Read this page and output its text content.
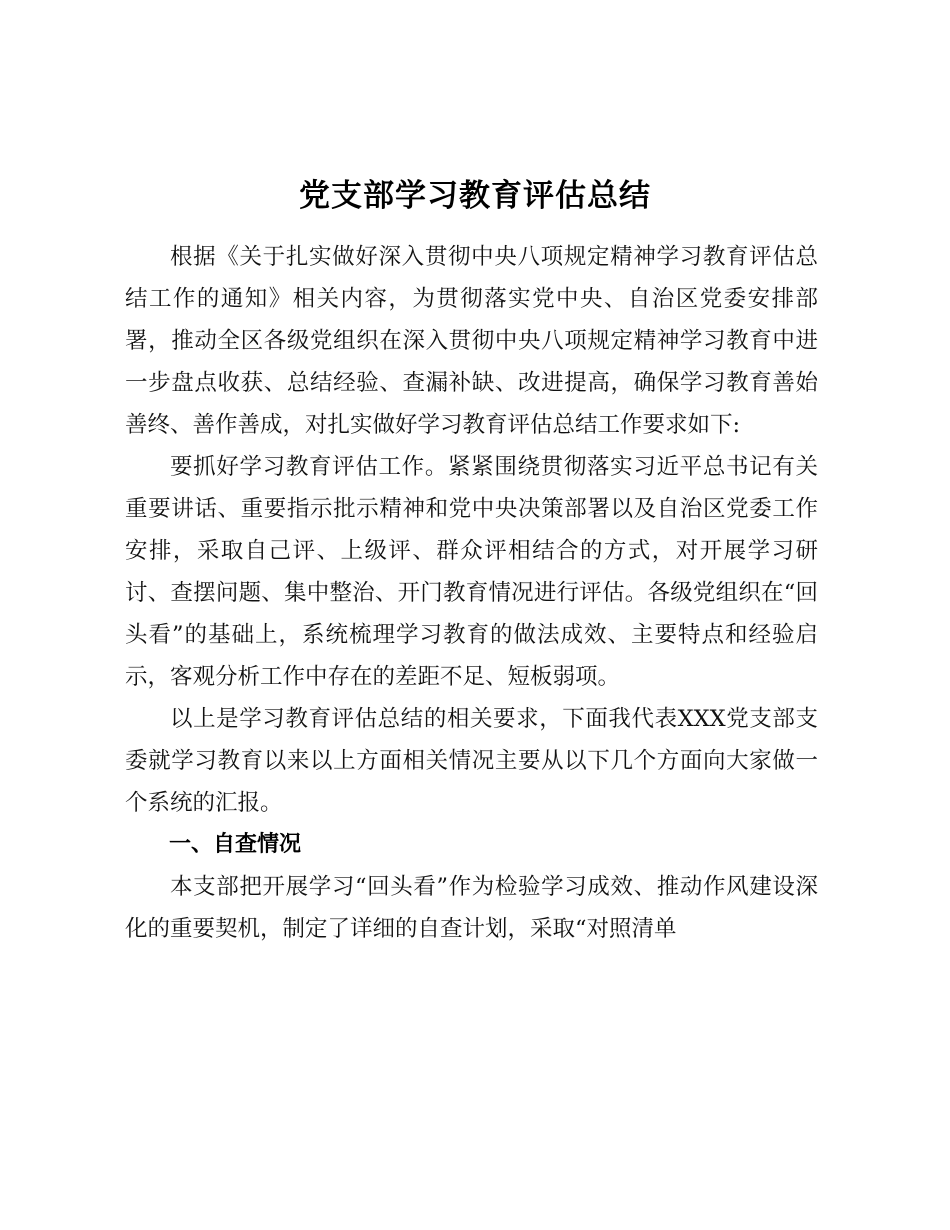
党支部学习教育评估总结

根据《关于扎实做好深入贯彻中央八项规定精神学习教育评估总结工作的通知》相关内容，为贯彻落实党中央、自治区党委安排部署，推动全区各级党组织在深入贯彻中央八项规定精神学习教育中进一步盘点收获、总结经验、查漏补缺、改进提高，确保学习教育善始善终、善作善成，对扎实做好学习教育评估总结工作要求如下:

要抓好学习教育评估工作。紧紧围绕贯彻落实习近平总书记有关重要讲话、重要指示批示精神和党中央决策部署以及自治区党委工作安排，采取自己评、上级评、群众评相结合的方式，对开展学习研讨、查摆问题、集中整治、开门教育情况进行评估。各级党组织在“回头看”的基础上，系统梳理学习教育的做法成效、主要特点和经验启示，客观分析工作中存在的差距不足、短板弱项。

以上是学习教育评估总结的相关要求，下面我代表XXX党支部支委就学习教育以来以上方面相关情况主要从以下几个方面向大家做一个系统的汇报。

一、自查情况

本支部把开展学习“回头看”作为检验学习成效、推动作风建设深化的重要契机，制定了详细的自查计划，采取“对照清单
